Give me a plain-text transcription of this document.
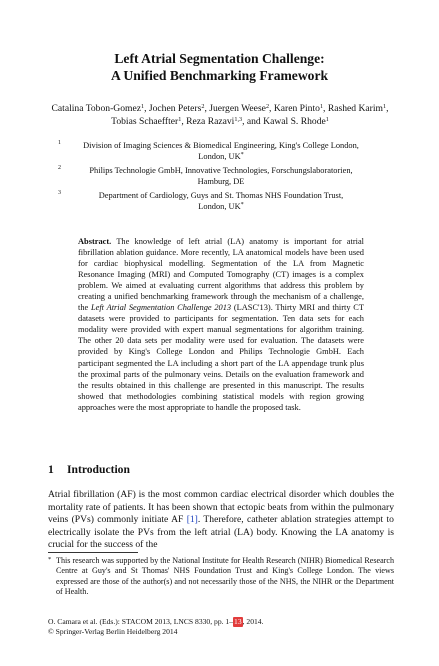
Left Atrial Segmentation Challenge:
A Unified Benchmarking Framework
Catalina Tobon-Gomez$^1$, Jochen Peters$^2$, Juergen Weese$^2$, Karen Pinto$^1$, Rashed Karim$^1$, Tobias Schaeffter$^1$, Reza Razavi$^{1,3}$, and Kawal S. Rhode$^1$
1	Division of Imaging Sciences & Biomedical Engineering, King's College London,
London, UK*
2	Philips Technologie GmbH, Innovative Technologies, Forschungslaboratorien,
Hamburg, DE
3	Department of Cardiology, Guys and St. Thomas NHS Foundation Trust,
London, UK*
Abstract. The knowledge of left atrial (LA) anatomy is important for atrial fibrillation ablation guidance. More recently, LA anatomical models have been used for cardiac biophysical modelling. Segmentation of the LA from Magnetic Resonance Imaging (MRI) and Computed Tomography (CT) images is a complex problem. We aimed at evaluating current algorithms that address this problem by creating a unified benchmarking framework through the mechanism of a challenge, the Left Atrial Segmentation Challenge 2013 (LASC'13). Thirty MRI and thirty CT datasets were provided to participants for segmentation. Ten data sets for each modality were provided with expert manual segmentations for algorithm training. The other 20 data sets per modality were used for evaluation. The datasets were provided by King's College London and Philips Technologie GmbH. Each participant segmented the LA including a short part of the LA appendage trunk plus the proximal parts of the pulmonary veins. Details on the evaluation framework and the results obtained in this challenge are presented in this manuscript. The results showed that methodologies combining statistical models with region growing approaches were the most appropriate to handle the proposed task.
1 Introduction
Atrial fibrillation (AF) is the most common cardiac electrical disorder which doubles the mortality rate of patients. It has been shown that ectopic beats from within the pulmonary veins (PVs) commonly initiate AF [1]. Therefore, catheter ablation strategies attempt to electrically isolate the PVs from the left atrial (LA) body. Knowing the LA anatomy is crucial for the success of the
* This research was supported by the National Institute for Health Research (NIHR) Biomedical Research Centre at Guy's and St Thomas' NHS Foundation Trust and King's College London. The views expressed are those of the author(s) and not necessarily those of the NHS, the NIHR or the Department of Health.
O. Camara et al. (Eds.): STACOM 2013, LNCS 8330, pp. 1–13, 2014.
© Springer-Verlag Berlin Heidelberg 2014
